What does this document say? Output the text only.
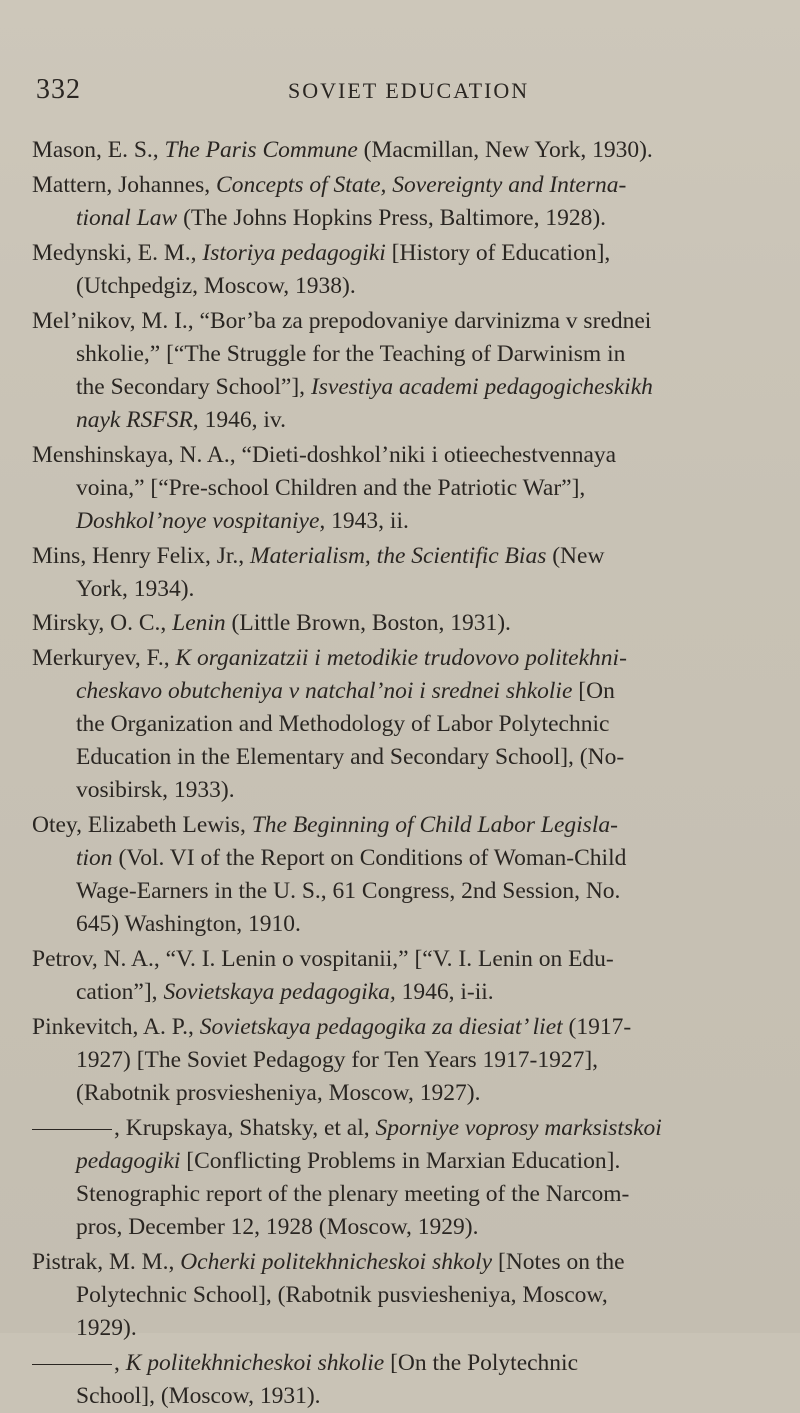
332	SOVIET EDUCATION
Mason, E. S., The Paris Commune (Macmillan, New York, 1930).
Mattern, Johannes, Concepts of State, Sovereignty and Interna-
tional Law (The Johns Hopkins Press, Baltimore, 1928).
Medynski, E. M., Istoriya pedagogiki [History of Education],
(Utchpedgiz, Moscow, 1938).
Mel’nikov, M. I., “Bor’ba za prepodovaniye darvinizma v srednei
shkolie,” [“The Struggle for the Teaching of Darwinism in
the Secondary School”], Isvestiya academi pedagogicheskikh
nayk RSFSR, 1946, iv.
Menshinskaya, N. A., “Dieti-doshkol’niki i otieechestvennaya
voina,” [“Pre-school Children and the Patriotic War”],
Doshkol’noye vospitaniye, 1943, ii.
Mins, Henry Felix, Jr., Materialism, the Scientific Bias (New
York, 1934).
Mirsky, O. C., Lenin (Little Brown, Boston, 1931).
Merkuryev, F., K organizatzii i metodikie trudovovo politekhni-
cheskavo obutcheniya v natchal’noi i srednei shkolie [On
the Organization and Methodology of Labor Polytechnic
Education in the Elementary and Secondary School], (No-
vosibirsk, 1933).
Otey, Elizabeth Lewis, The Beginning of Child Labor Legisla-
tion (Vol. VI of the Report on Conditions of Woman-Child
Wage-Earners in the U. S., 61 Congress, 2nd Session, No.
645) Washington, 1910.
Petrov, N. A., “V. I. Lenin o vospitanii,” [“V. I. Lenin on Edu-
cation”], Sovietskaya pedagogika, 1946, i-ii.
Pinkevitch, A. P., Sovietskaya pedagogika za diesiat’ liet (1917-
1927) [The Soviet Pedagogy for Ten Years 1917-1927],
(Rabotnik prosviesheniya, Moscow, 1927).
, Krupskaya, Shatsky, et al, Sporniye voprosy marksistskoi
pedagogiki [Conflicting Problems in Marxian Education].
Stenographic report of the plenary meeting of the Narcom-
pros, December 12, 1928 (Moscow, 1929).
Pistrak, M. M., Ocherki politekhnicheskoi shkoly [Notes on the
Polytechnic School], (Rabotnik pusviesheniya, Moscow,
1929).
, K politekhnicheskoi shkolie [On the Polytechnic
School], (Moscow, 1931).
